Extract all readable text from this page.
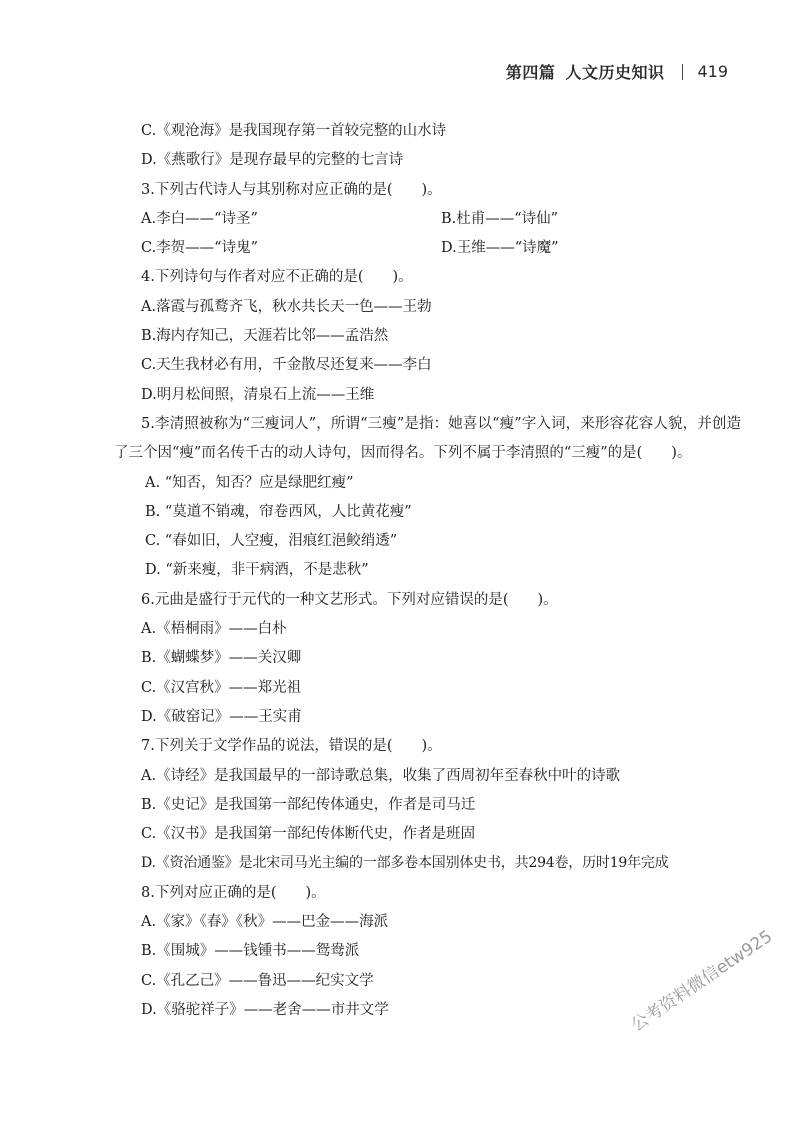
第四篇 人文历史知识 419
C.《观沧海》是我国现存第一首较完整的山水诗
D.《燕歌行》是现存最早的完整的七言诗
3.下列古代诗人与其别称对应正确的是(　　)。
A.李白——“诗圣”	B.杜甫——“诗仙”
C.李贺——“诗鬼”	D.王维——“诗魔”
4.下列诗句与作者对应不正确的是(　　)。
A.落霞与孤鹜齐飞，秋水共长天一色——王勃
B.海内存知己，天涯若比邻——孟浩然
C.天生我材必有用，千金散尽还复来——李白
D.明月松间照，清泉石上流——王维
5.李清照被称为“三瘦词人”，所谓“三瘦”是指：她喜以“瘦”字入词，来形容花容人貌，并创造了三个因“瘦”而名传千古的动人诗句，因而得名。下列不属于李清照的“三瘦”的是(　　)。
A. “知否，知否？应是绿肥红瘦”
B. “莫道不销魂，帘卷西风，人比黄花瘦”
C. “春如旧，人空瘦，泪痕红浥鲛绡透”
D. “新来瘦，非干病酒，不是悲秋”
6.元曲是盛行于元代的一种文艺形式。下列对应错误的是(　　)。
A.《梧桐雨》——白朴
B.《蝴蝶梦》——关汉卿
C.《汉宫秋》——郑光祖
D.《破窑记》——王实甫
7.下列关于文学作品的说法，错误的是(　　)。
A.《诗经》是我国最早的一部诗歌总集，收集了西周初年至春秋中叶的诗歌
B.《史记》是我国第一部纪传体通史，作者是司马迁
C.《汉书》是我国第一部纪传体断代史，作者是班固
D.《资治通鉴》是北宋司马光主编的一部多卷本国别体史书，共294卷，历时19年完成
8.下列对应正确的是(　　)。
A.《家》《春》《秋》——巴金——海派
B.《围城》——钱锺书——鸳鸯派
C.《孔乙己》——鲁迅——纪实文学
D.《骆驼祥子》——老舍——市井文学	公考资料微信etw925
